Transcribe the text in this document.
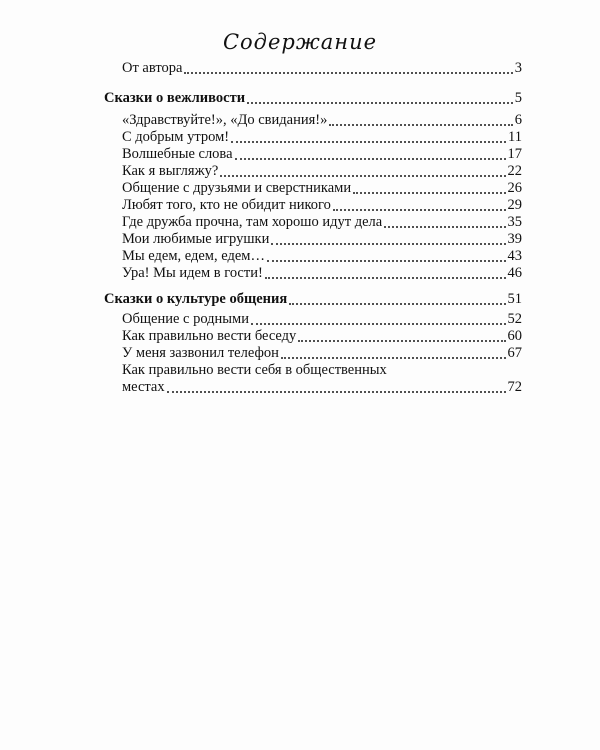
Содержание
От автора	3
Сказки о вежливости	5
«Здравствуйте!», «До свидания!»	6
С добрым утром!	11
Волшебные слова	17
Как я выгляжу?	22
Общение с друзьями и сверстниками	26
Любят того, кто не обидит никого	29
Где дружба прочна, там хорошо идут дела	35
Мои любимые игрушки	39
Мы едем, едем, едем…	43
Ура! Мы идем в гости!	46
Сказки о культуре общения	51
Общение с родными	52
Как правильно вести беседу	60
У меня зазвонил телефон	67
Как правильно вести себя в общественных
местах	72
